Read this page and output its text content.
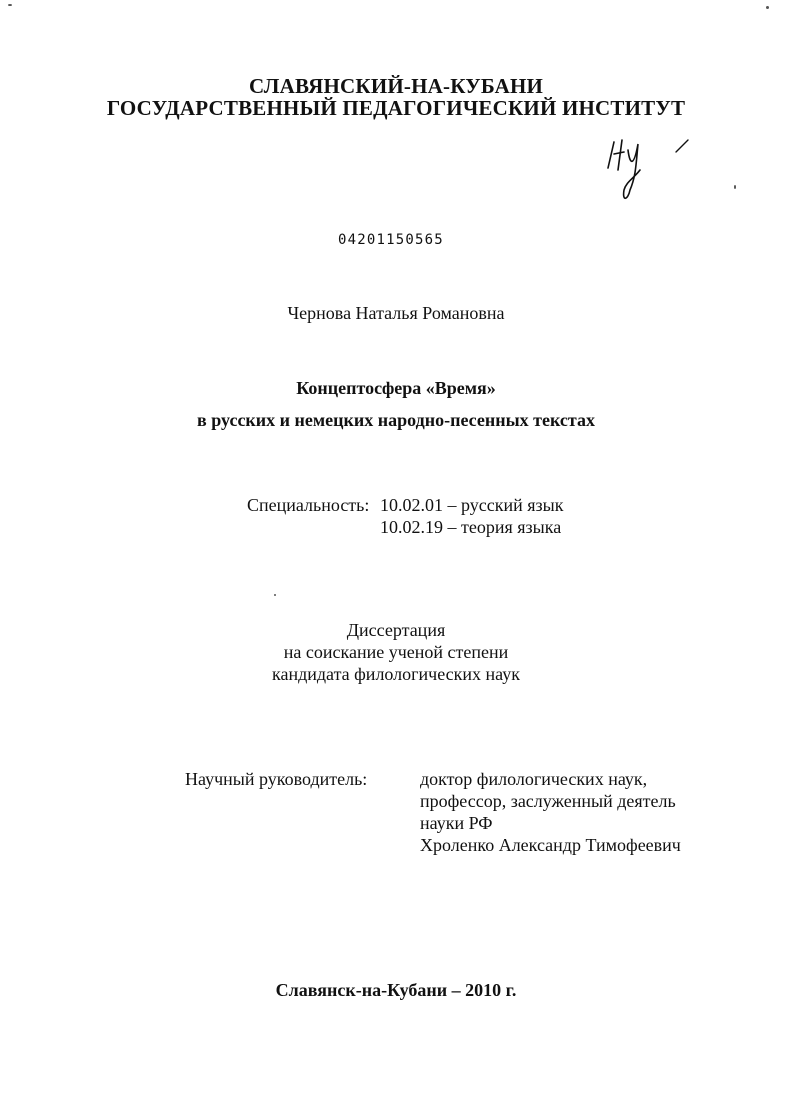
СЛАВЯНСКИЙ-НА-КУБАНИ
ГОСУДАРСТВЕННЫЙ ПЕДАГОГИЧЕСКИЙ ИНСТИТУТ
04201150565
Чернова Наталья Романовна
Концептосфера «Время»
в русских и немецких народно-песенных текстах
Специальность: 10.02.01 – русский язык
10.02.19 – теория языка
Диссертация
на соискание ученой степени
кандидата филологических наук
Научный руководитель:	доктор филологических наук,
профессор, заслуженный деятель
науки РФ
Хроленко Александр Тимофеевич
Славянск-на-Кубани – 2010 г.
